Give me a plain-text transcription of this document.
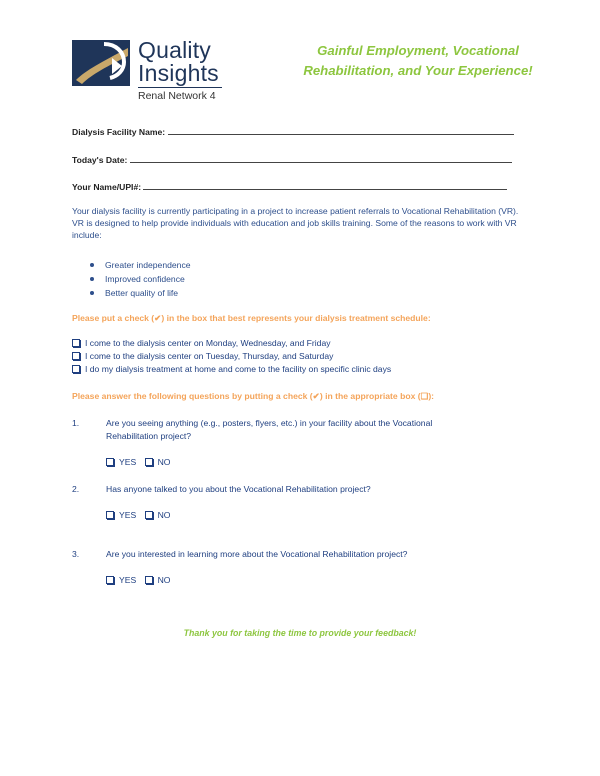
Quality
Insights
Renal Network 4
Gainful Employment, Vocational
Rehabilitation, and Your Experience!
Dialysis Facility Name:
Today's Date:
Your Name/UPI#:
Your dialysis facility is currently participating in a project to increase patient referrals to Vocational Rehabilitation (VR). VR is designed to help provide individuals with education and job skills training. Some of the reasons to work with VR include:
Greater independence
Improved confidence
Better quality of life
Please put a check (✔) in the box that best represents your dialysis treatment schedule:
I come to the dialysis center on Monday, Wednesday, and Friday
I come to the dialysis center on Tuesday, Thursday, and Saturday
I do my dialysis treatment at home and come to the facility on specific clinic days
Please answer the following questions by putting a check (✔) in the appropriate box (❑):
1.	Are you seeing anything (e.g., posters, flyers, etc.) in your facility about the Vocational Rehabilitation project?
YES NO
2.	Has anyone talked to you about the Vocational Rehabilitation project?
YES NO
3.	Are you interested in learning more about the Vocational Rehabilitation project?
YES NO
Thank you for taking the time to provide your feedback!
